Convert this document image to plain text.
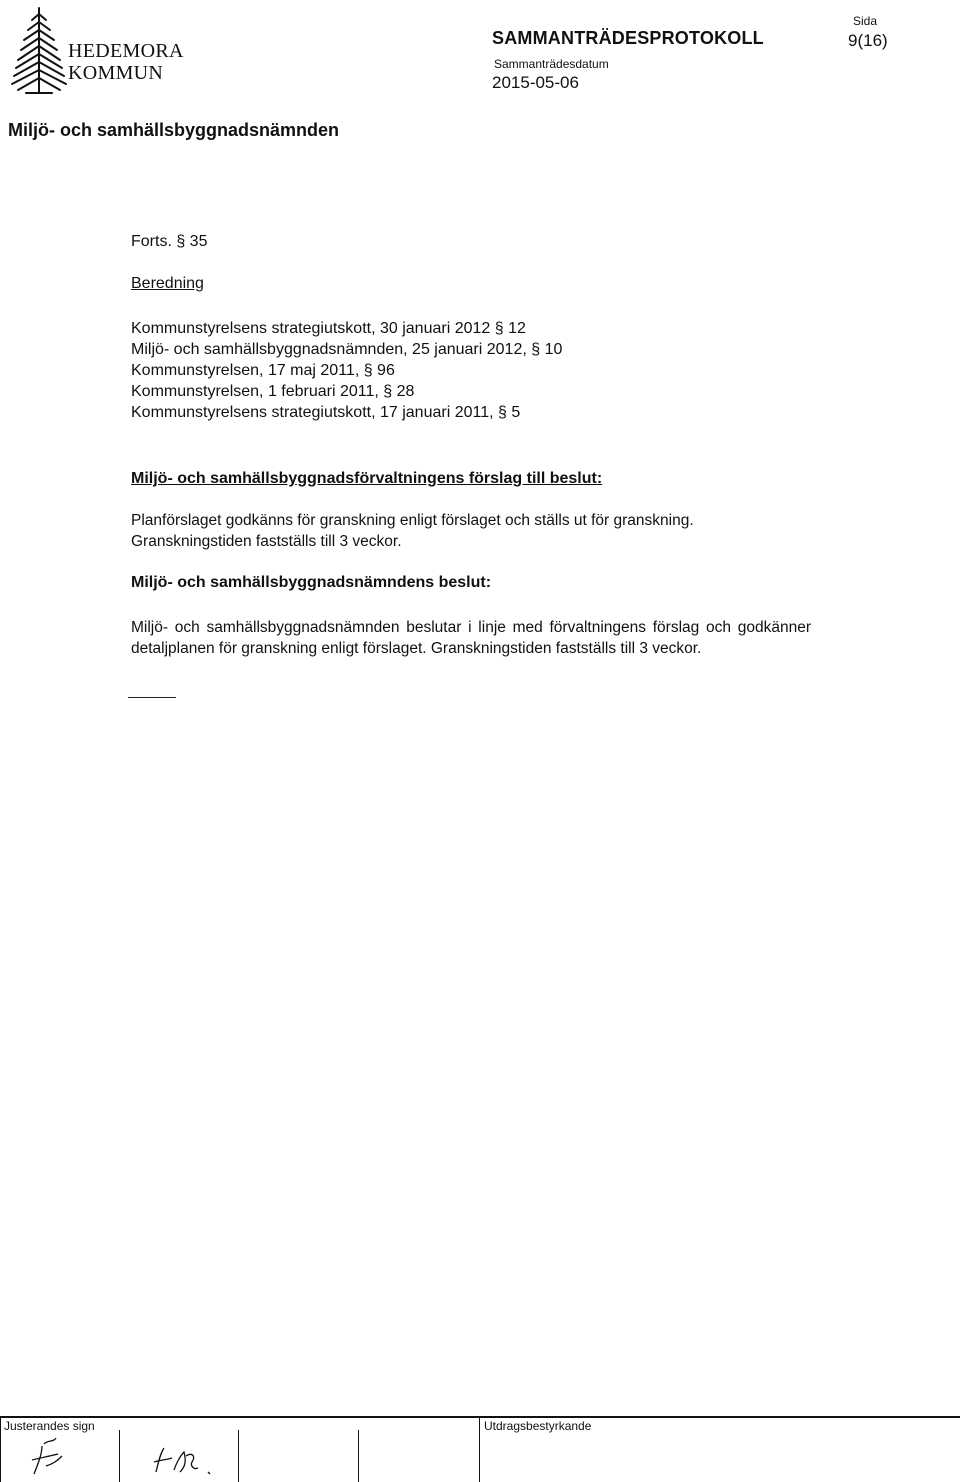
HEDEMORA
KOMMUN
SAMMANTRÄDESPROTOKOLL
Sammanträdesdatum
2015-05-06
Sida
9(16)
Miljö- och samhällsbyggnadsnämnden
Forts. § 35
Beredning
Kommunstyrelsens strategiutskott, 30 januari 2012 § 12
Miljö- och samhällsbyggnadsnämnden, 25 januari 2012, § 10
Kommunstyrelsen, 17 maj 2011, § 96
Kommunstyrelsen, 1 februari 2011, § 28
Kommunstyrelsens strategiutskott, 17 januari 2011, § 5
Miljö- och samhällsbyggnadsförvaltningens förslag till beslut:
Planförslaget godkänns för granskning enligt förslaget och ställs ut för granskning.
Granskningstiden fastställs till 3 veckor.
Miljö- och samhällsbyggnadsnämndens beslut:
Miljö- och samhällsbyggnadsnämnden beslutar i linje med förvaltningens förslag och godkänner detaljplanen för granskning enligt förslaget. Granskningstiden fastställs till 3 veckor.
Justerandes sign	Utdragsbestyrkande
